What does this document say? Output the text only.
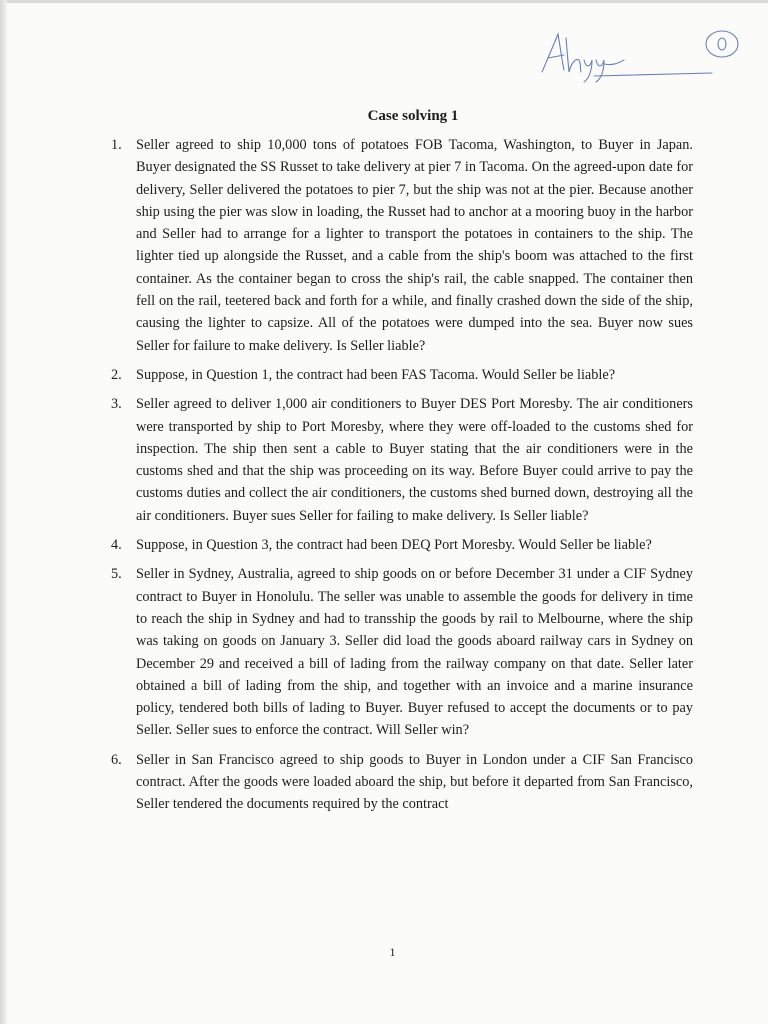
Case solving 1
1. Seller agreed to ship 10,000 tons of potatoes FOB Tacoma, Washington, to Buyer in Japan. Buyer designated the SS Russet to take delivery at pier 7 in Tacoma. On the agreed-upon date for delivery, Seller delivered the potatoes to pier 7, but the ship was not at the pier. Because another ship using the pier was slow in loading, the Russet had to anchor at a mooring buoy in the harbor and Seller had to arrange for a lighter to transport the potatoes in containers to the ship. The lighter tied up alongside the Russet, and a cable from the ship's boom was attached to the first container. As the container began to cross the ship's rail, the cable snapped. The container then fell on the rail, teetered back and forth for a while, and finally crashed down the side of the ship, causing the lighter to capsize. All of the potatoes were dumped into the sea. Buyer now sues Seller for failure to make delivery. Is Seller liable?
2. Suppose, in Question 1, the contract had been FAS Tacoma. Would Seller be liable?
3. Seller agreed to deliver 1,000 air conditioners to Buyer DES Port Moresby. The air conditioners were transported by ship to Port Moresby, where they were off-loaded to the customs shed for inspection. The ship then sent a cable to Buyer stating that the air conditioners were in the customs shed and that the ship was proceeding on its way. Before Buyer could arrive to pay the customs duties and collect the air conditioners, the customs shed burned down, destroying all the air conditioners. Buyer sues Seller for failing to make delivery. Is Seller liable?
4. Suppose, in Question 3, the contract had been DEQ Port Moresby. Would Seller be liable?
5. Seller in Sydney, Australia, agreed to ship goods on or before December 31 under a CIF Sydney contract to Buyer in Honolulu. The seller was unable to assemble the goods for delivery in time to reach the ship in Sydney and had to transship the goods by rail to Melbourne, where the ship was taking on goods on January 3. Seller did load the goods aboard railway cars in Sydney on December 29 and received a bill of lading from the railway company on that date. Seller later obtained a bill of lading from the ship, and together with an invoice and a marine insurance policy, tendered both bills of lading to Buyer. Buyer refused to accept the documents or to pay Seller. Seller sues to enforce the contract. Will Seller win?
6. Seller in San Francisco agreed to ship goods to Buyer in London under a CIF San Francisco contract. After the goods were loaded aboard the ship, but before it departed from San Francisco, Seller tendered the documents required by the contract
1
